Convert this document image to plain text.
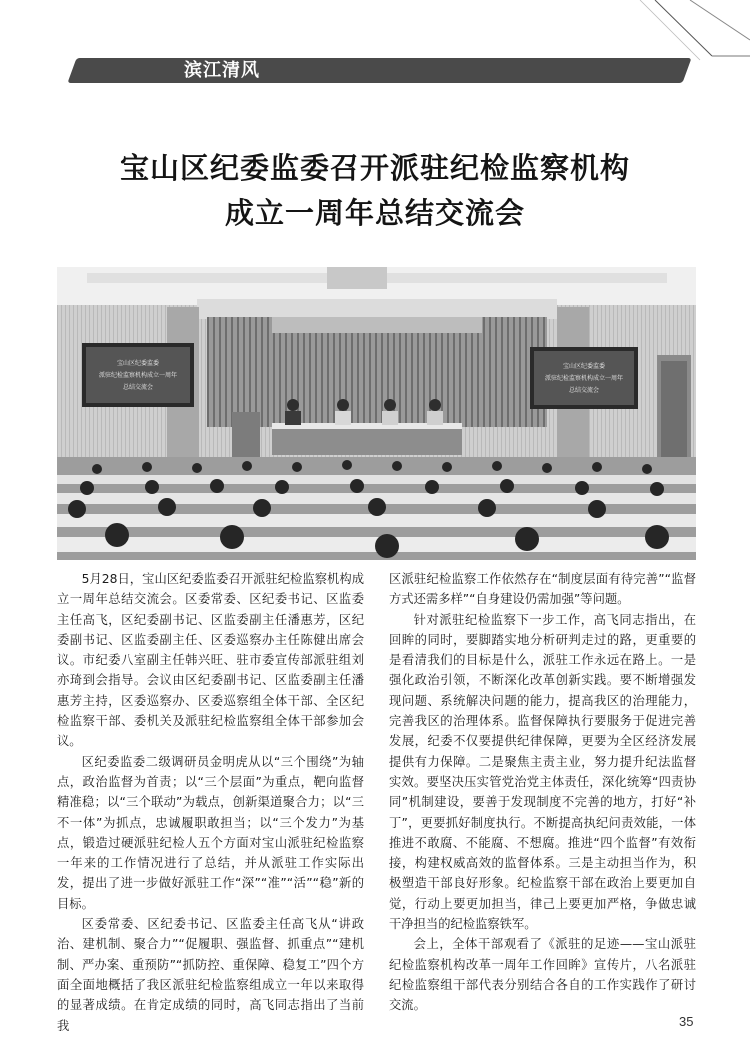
滨江清风
宝山区纪委监委召开派驻纪检监察机构
成立一周年总结交流会
宝山区纪委监委
派驻纪检监察机构成立一周年
总结交流会
宝山区纪委监委
派驻纪检监察机构成立一周年
总结交流会

5月28日，宝山区纪委监委召开派驻纪检监察机构成立一周年总结交流会。区委常委、区纪委书记、区监委主任高飞，区纪委副书记、区监委副主任潘惠芳，区纪委副书记、区监委副主任、区委巡察办主任陈健出席会议。市纪委八室副主任韩兴旺、驻市委宣传部派驻组刘亦琦到会指导。会议由区纪委副书记、区监委副主任潘惠芳主持，区委巡察办、区委巡察组全体干部、全区纪检监察干部、委机关及派驻纪检监察组全体干部参加会议。

区纪委监委二级调研员金明虎从以“三个围绕”为轴点，政治监督为首责；以“三个层面”为重点，靶向监督精准稳；以“三个联动”为载点，创新渠道聚合力；以“三不一体”为抓点，忠诚履职敢担当；以“三个发力”为基点，锻造过硬派驻纪检人五个方面对宝山派驻纪检监察一年来的工作情况进行了总结，并从派驻工作实际出发，提出了进一步做好派驻工作“深”“准”“活”“稳”新的目标。

区委常委、区纪委书记、区监委主任高飞从“讲政治、建机制、聚合力”“促履职、强监督、抓重点”“建机制、严办案、重预防”“抓防控、重保障、稳复工”四个方面全面地概括了我区派驻纪检监察组成立一年以来取得的显著成绩。在肯定成绩的同时，高飞同志指出了当前我

区派驻纪检监察工作依然存在“制度层面有待完善”“监督方式还需多样”“自身建设仍需加强”等问题。

针对派驻纪检监察下一步工作，高飞同志指出，在回眸的同时，要脚踏实地分析研判走过的路，更重要的是看清我们的目标是什么，派驻工作永远在路上。一是强化政治引领，不断深化改革创新实践。要不断增强发现问题、系统解决问题的能力，提高我区的治理能力，完善我区的治理体系。监督保障执行要服务于促进完善发展，纪委不仅要提供纪律保障，更要为全区经济发展提供有力保障。二是聚焦主责主业，努力提升纪法监督实效。要坚决压实管党治党主体责任，深化统筹“四责协同”机制建设，要善于发现制度不完善的地方，打好“补丁”，更要抓好制度执行。不断提高执纪问责效能，一体推进不敢腐、不能腐、不想腐。推进“四个监督”有效衔接，构建权威高效的监督体系。三是主动担当作为，积极塑造干部良好形象。纪检监察干部在政治上要更加自觉，行动上要更加担当，律己上要更加严格，争做忠诚干净担当的纪检监察铁军。

会上，全体干部观看了《派驻的足迹——宝山派驻纪检监察机构改革一周年工作回眸》宣传片，八名派驻纪检监察组干部代表分别结合各自的工作实践作了研讨交流。

35
